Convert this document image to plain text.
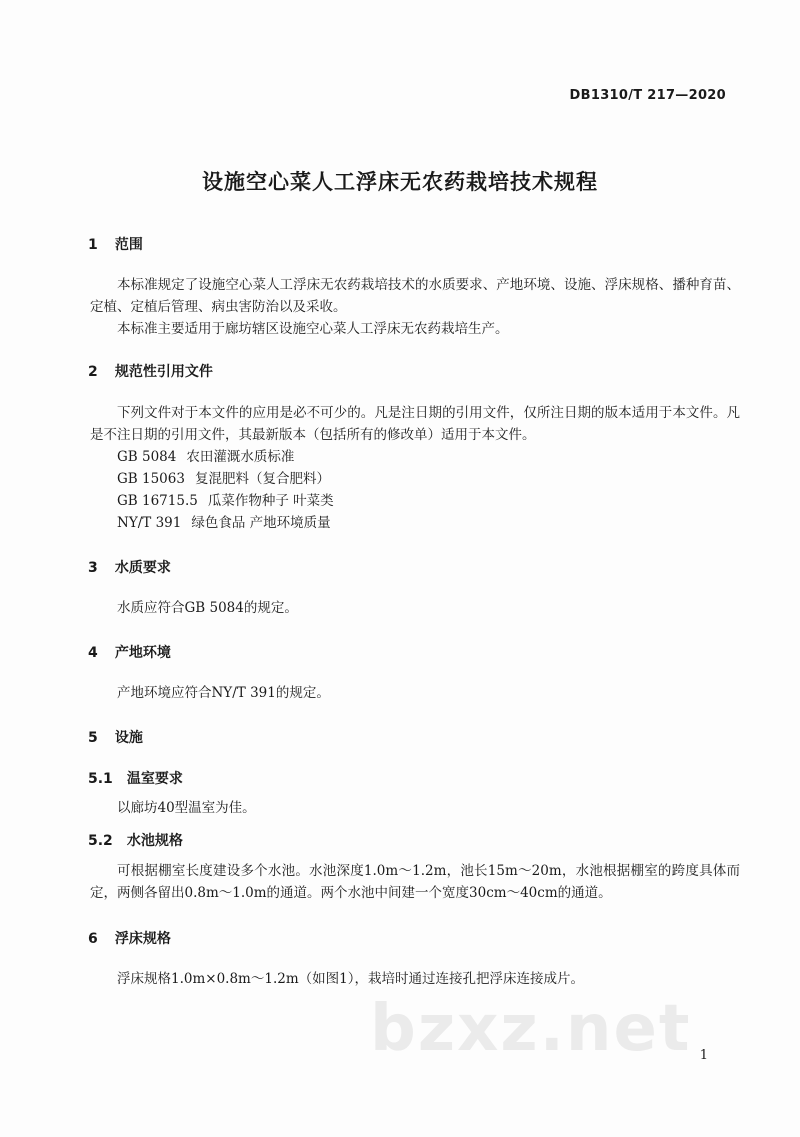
DB1310/T 217—2020
设施空心菜人工浮床无农药栽培技术规程
1 范围
本标准规定了设施空心菜人工浮床无农药栽培技术的水质要求、产地环境、设施、浮床规格、播种育苗、定植、定植后管理、病虫害防治以及采收。
本标准主要适用于廊坊辖区设施空心菜人工浮床无农药栽培生产。
2 规范性引用文件
下列文件对于本文件的应用是必不可少的。凡是注日期的引用文件，仅所注日期的版本适用于本文件。凡是不注日期的引用文件，其最新版本（包括所有的修改单）适用于本文件。
GB 5084 农田灌溉水质标准
GB 15063 复混肥料（复合肥料）
GB 16715.5 瓜菜作物种子 叶菜类
NY/T 391 绿色食品 产地环境质量
3 水质要求
水质应符合GB 5084的规定。
4 产地环境
产地环境应符合NY/T 391的规定。
5 设施
5.1 温室要求
以廊坊40型温室为佳。
5.2 水池规格
可根据棚室长度建设多个水池。水池深度1.0m～1.2m，池长15m～20m，水池根据棚室的跨度具体而定，两侧各留出0.8m～1.0m的通道。两个水池中间建一个宽度30cm～40cm的通道。
6 浮床规格
浮床规格1.0m×0.8m～1.2m（如图1），栽培时通过连接孔把浮床连接成片。
bzxz.net 1
